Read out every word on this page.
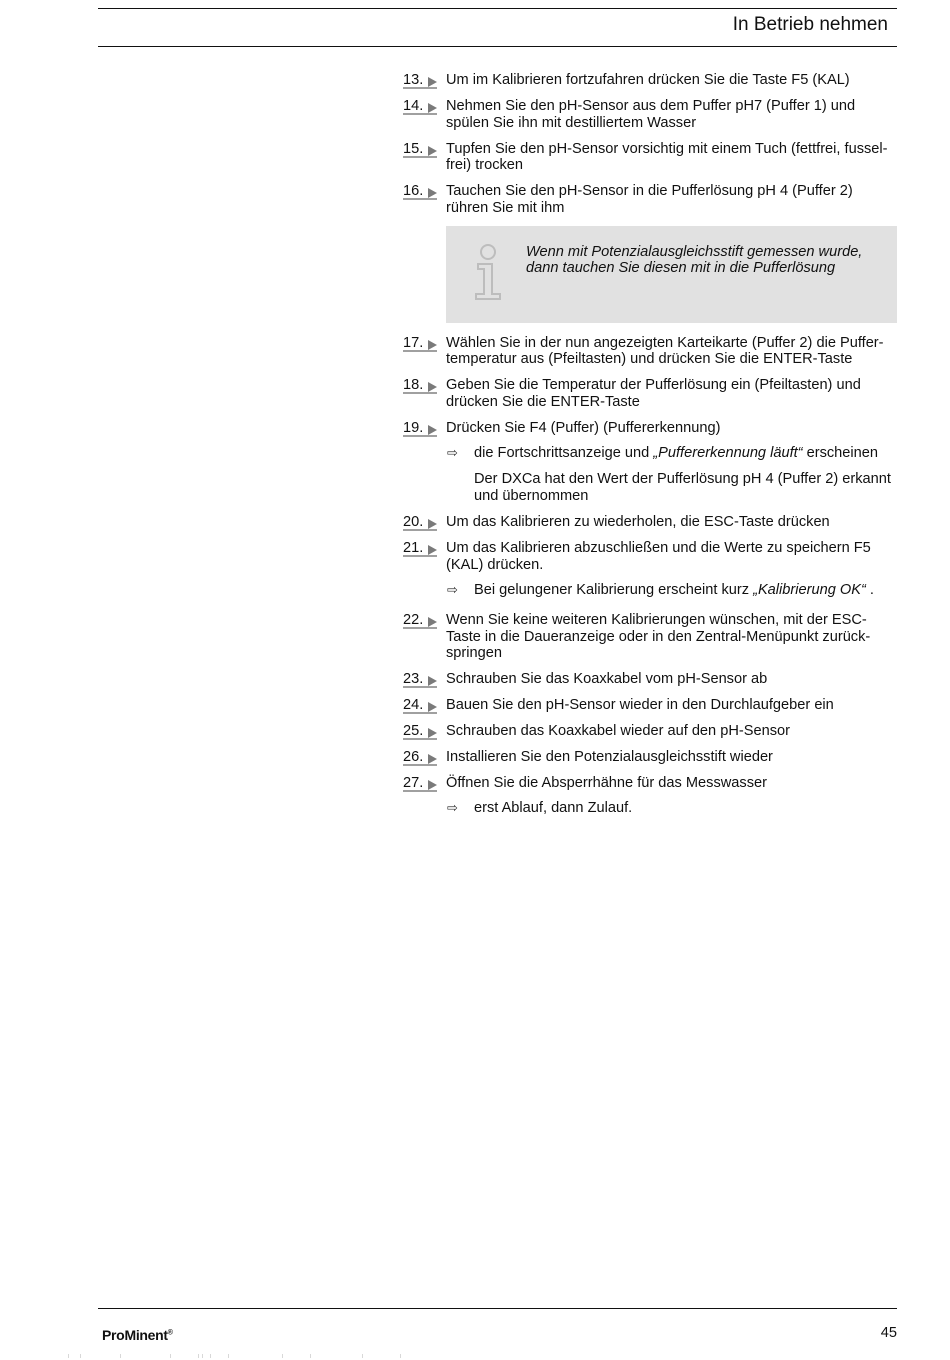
In Betrieb nehmen
13. Um im Kalibrieren fortzufahren drücken Sie die Taste F5 (KAL)
14. Nehmen Sie den pH-Sensor aus dem Puffer pH7 (Puffer 1) und spülen Sie ihn mit destilliertem Wasser
15. Tupfen Sie den pH-Sensor vorsichtig mit einem Tuch (fettfrei, fusselfrei) trocken
16. Tauchen Sie den pH-Sensor in die Pufferlösung pH 4 (Puffer 2) rühren Sie mit ihm
Wenn mit Potenzialausgleichsstift gemessen wurde, dann tauchen Sie diesen mit in die Pufferlösung
17. Wählen Sie in der nun angezeigten Karteikarte (Puffer 2) die Puffertemperatur aus (Pfeiltasten) und drücken Sie die ENTER-Taste
18. Geben Sie die Temperatur der Pufferlösung ein (Pfeiltasten) und drücken Sie die ENTER-Taste
19. Drücken Sie F4 (Puffer) (Puffererkennung)
⇨ die Fortschrittsanzeige und „Puffererkennung läuft“ erscheinen
Der DXCa hat den Wert der Pufferlösung pH 4 (Puffer 2) erkannt und übernommen
20. Um das Kalibrieren zu wiederholen, die ESC-Taste drücken
21. Um das Kalibrieren abzuschließen und die Werte zu speichern F5 (KAL) drücken.
⇨ Bei gelungener Kalibrierung erscheint kurz „Kalibrierung OK“ .
22. Wenn Sie keine weiteren Kalibrierungen wünschen, mit der ESC-Taste in die Daueranzeige oder in den Zentral-Menüpunkt zurückspringen
23. Schrauben Sie das Koaxkabel vom pH-Sensor ab
24. Bauen Sie den pH-Sensor wieder in den Durchlaufgeber ein
25. Schrauben das Koaxkabel wieder auf den pH-Sensor
26. Installieren Sie den Potenzialausgleichsstift wieder
27. Öffnen Sie die Absperrhähne für das Messwasser
⇨ erst Ablauf, dann Zulauf.
ProMinent®	45
